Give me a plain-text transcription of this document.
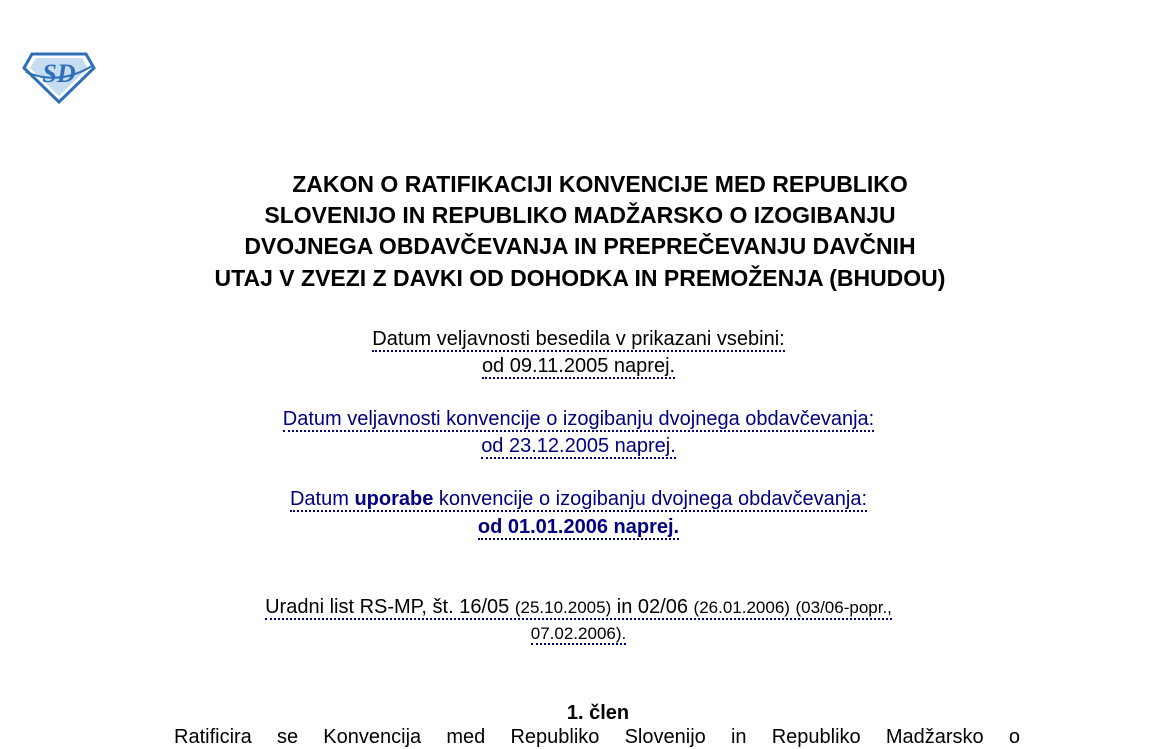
SD

ZAKON O RATIFIKACIJI KONVENCIJE MED REPUBLIKO

SLOVENIJO IN REPUBLIKO MADŽARSKO O IZOGIBANJU

DVOJNEGA OBDAVČEVANJA IN PREPREČEVANJU DAVČNIH

UTAJ V ZVEZI Z DAVKI OD DOHODKA IN PREMOŽENJA (BHUDOU)

Datum veljavnosti besedila v prikazani vsebini:
od 09.11.2005 naprej.
Datum veljavnosti konvencije o izogibanju dvojnega obdavčevanja:
od 23.12.2005 naprej.
Datum uporabe konvencije o izogibanju dvojnega obdavčevanja:
od 01.01.2006 naprej.
Uradni list RS-MP, št. 16/05 (25.10.2005) in 02/06 (26.01.2006) (03/06-popr.,
07.02.2006).
1. člen
Ratificira se Konvencija med Republiko Slovenijo in Republiko Madžarsko o
